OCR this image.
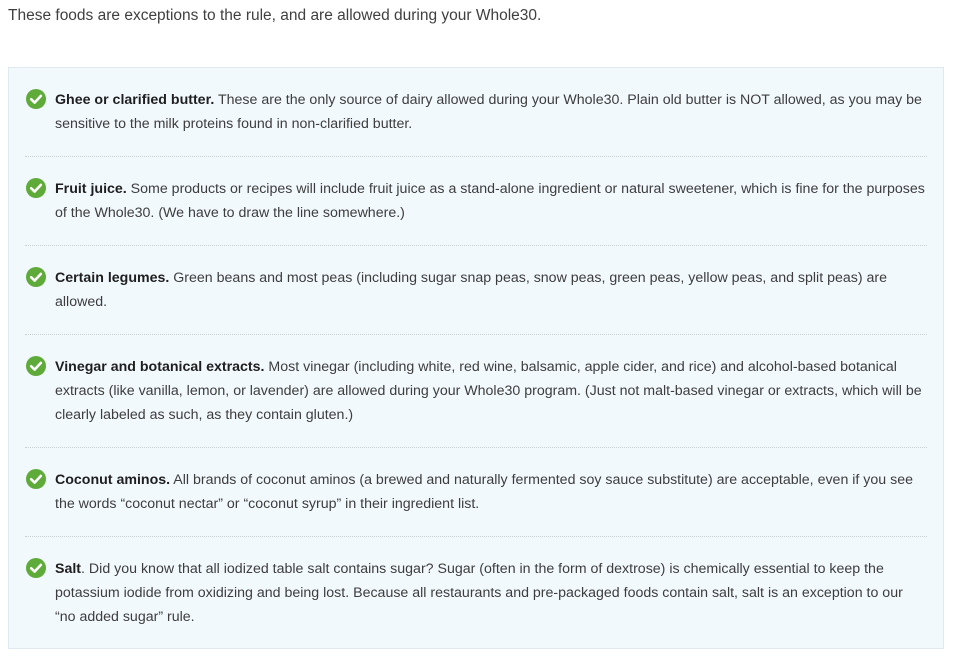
These foods are exceptions to the rule, and are allowed during your Whole30.

Ghee or clarified butter. These are the only source of dairy allowed during your Whole30. Plain old butter is NOT allowed, as you may be sensitive to the milk proteins found in non-clarified butter.

Fruit juice. Some products or recipes will include fruit juice as a stand-alone ingredient or natural sweetener, which is fine for the purposes of the Whole30. (We have to draw the line somewhere.)

Certain legumes. Green beans and most peas (including sugar snap peas, snow peas, green peas, yellow peas, and split peas) are allowed.

Vinegar and botanical extracts. Most vinegar (including white, red wine, balsamic, apple cider, and rice) and alcohol-based botanical extracts (like vanilla, lemon, or lavender) are allowed during your Whole30 program. (Just not malt-based vinegar or extracts, which will be clearly labeled as such, as they contain gluten.)

Coconut aminos. All brands of coconut aminos (a brewed and naturally fermented soy sauce substitute) are acceptable, even if you see the words “coconut nectar” or “coconut syrup” in their ingredient list.

Salt. Did you know that all iodized table salt contains sugar? Sugar (often in the form of dextrose) is chemically essential to keep the potassium iodide from oxidizing and being lost. Because all restaurants and pre-packaged foods contain salt, salt is an exception to our “no added sugar” rule.
